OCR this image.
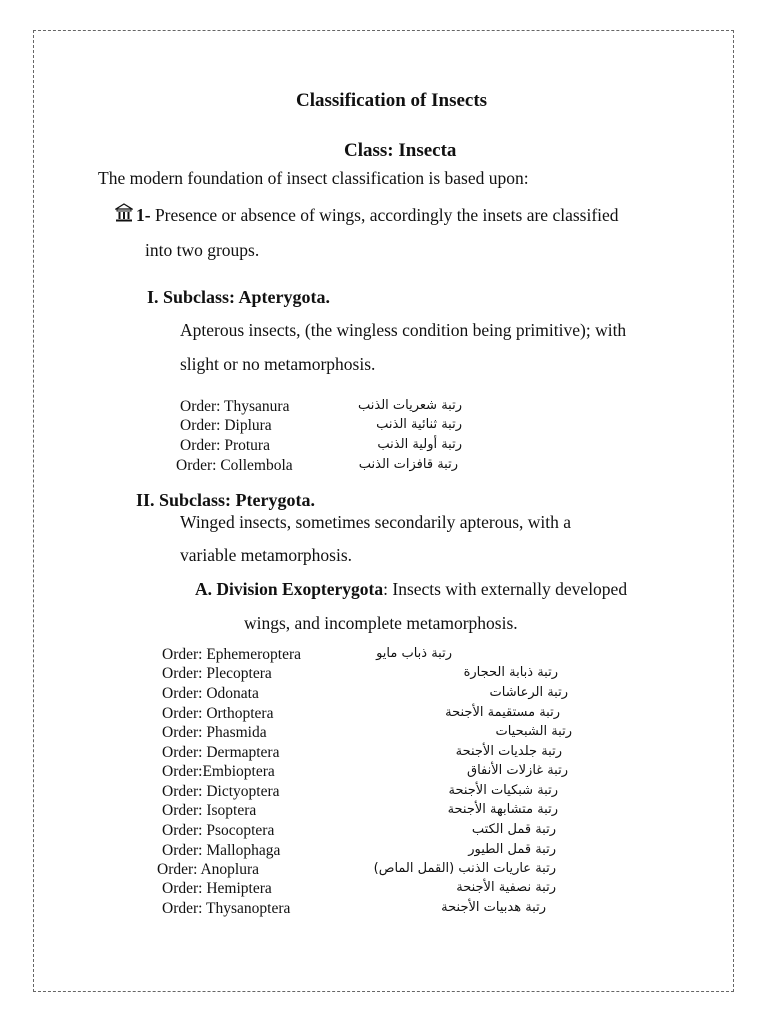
Classification of Insects
Class: Insecta
The modern foundation of insect classification is based upon:
1- Presence or absence of wings, accordingly the insets are classified
into two groups.
I. Subclass: Apterygota.
Apterous insects, (the wingless condition being primitive); with
slight or no metamorphosis.
Order: Thysanura	رتبة شعريات الذنب
Order: Diplura	رتبة ثنائية الذنب
Order: Protura	رتبة أولية الذنب
Order: Collembola	رتبة قافزات الذنب
II. Subclass: Pterygota.
Winged insects, sometimes secondarily apterous, with a
variable metamorphosis.
A. Division Exopterygota: Insects with externally developed
wings, and incomplete metamorphosis.
Order: Ephemeroptera	رتبة ذباب مايو
Order: Plecoptera	رتبة ذبابة الحجارة
Order: Odonata	رتبة الرعاشات
Order: Orthoptera	رتبة مستقيمة الأجنحة
Order: Phasmida	رتبة الشبحيات
Order: Dermaptera	رتبة جلديات الأجنحة
Order:Embioptera	رتبة غازلات الأنفاق
Order: Dictyoptera	رتبة شبكيات الأجنحة
Order: Isoptera	رتبة متشابهة الأجنحة
Order: Psocoptera	رتبة قمل الكتب
Order: Mallophaga	رتبة قمل الطيور
Order: Anoplura	رتبة عاريات الذنب (القمل الماص)
Order: Hemiptera	رتبة نصفية الأجنحة
Order: Thysanoptera	رتبة هدبيات الأجنحة
